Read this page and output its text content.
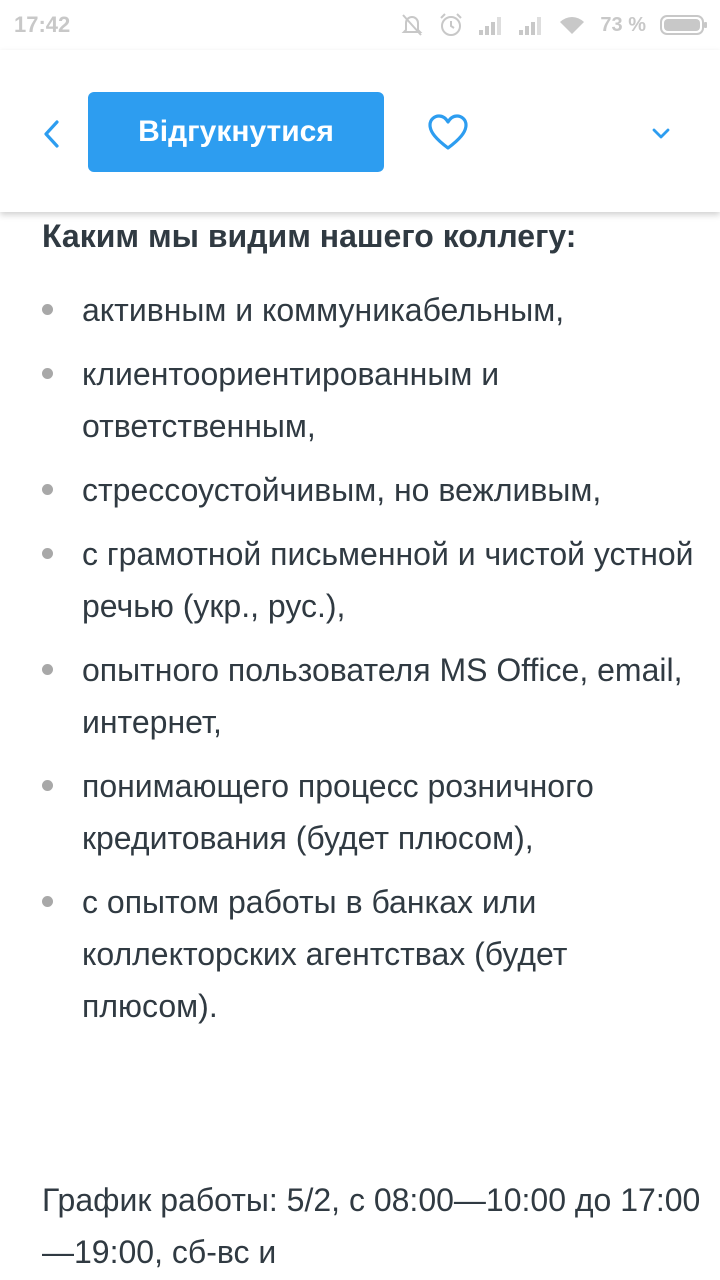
17:42	73 %
Відгукнутися
Каким мы видим нашего коллегу:
активным и коммуникабельным,
клиентоориентированным и ответственным,
стрессоустойчивым, но вежливым,
с грамотной письменной и чистой устной речью (укр., рус.),
опытного пользователя MS Office, email, интернет,
понимающего процесс розничного кредитования (будет плюсом),
с опытом работы в банках или коллекторских агентствах (будет плюсом).
График работы: 5/2, с 08:00—10:00 до 17:00—19:00, сб-вс и
